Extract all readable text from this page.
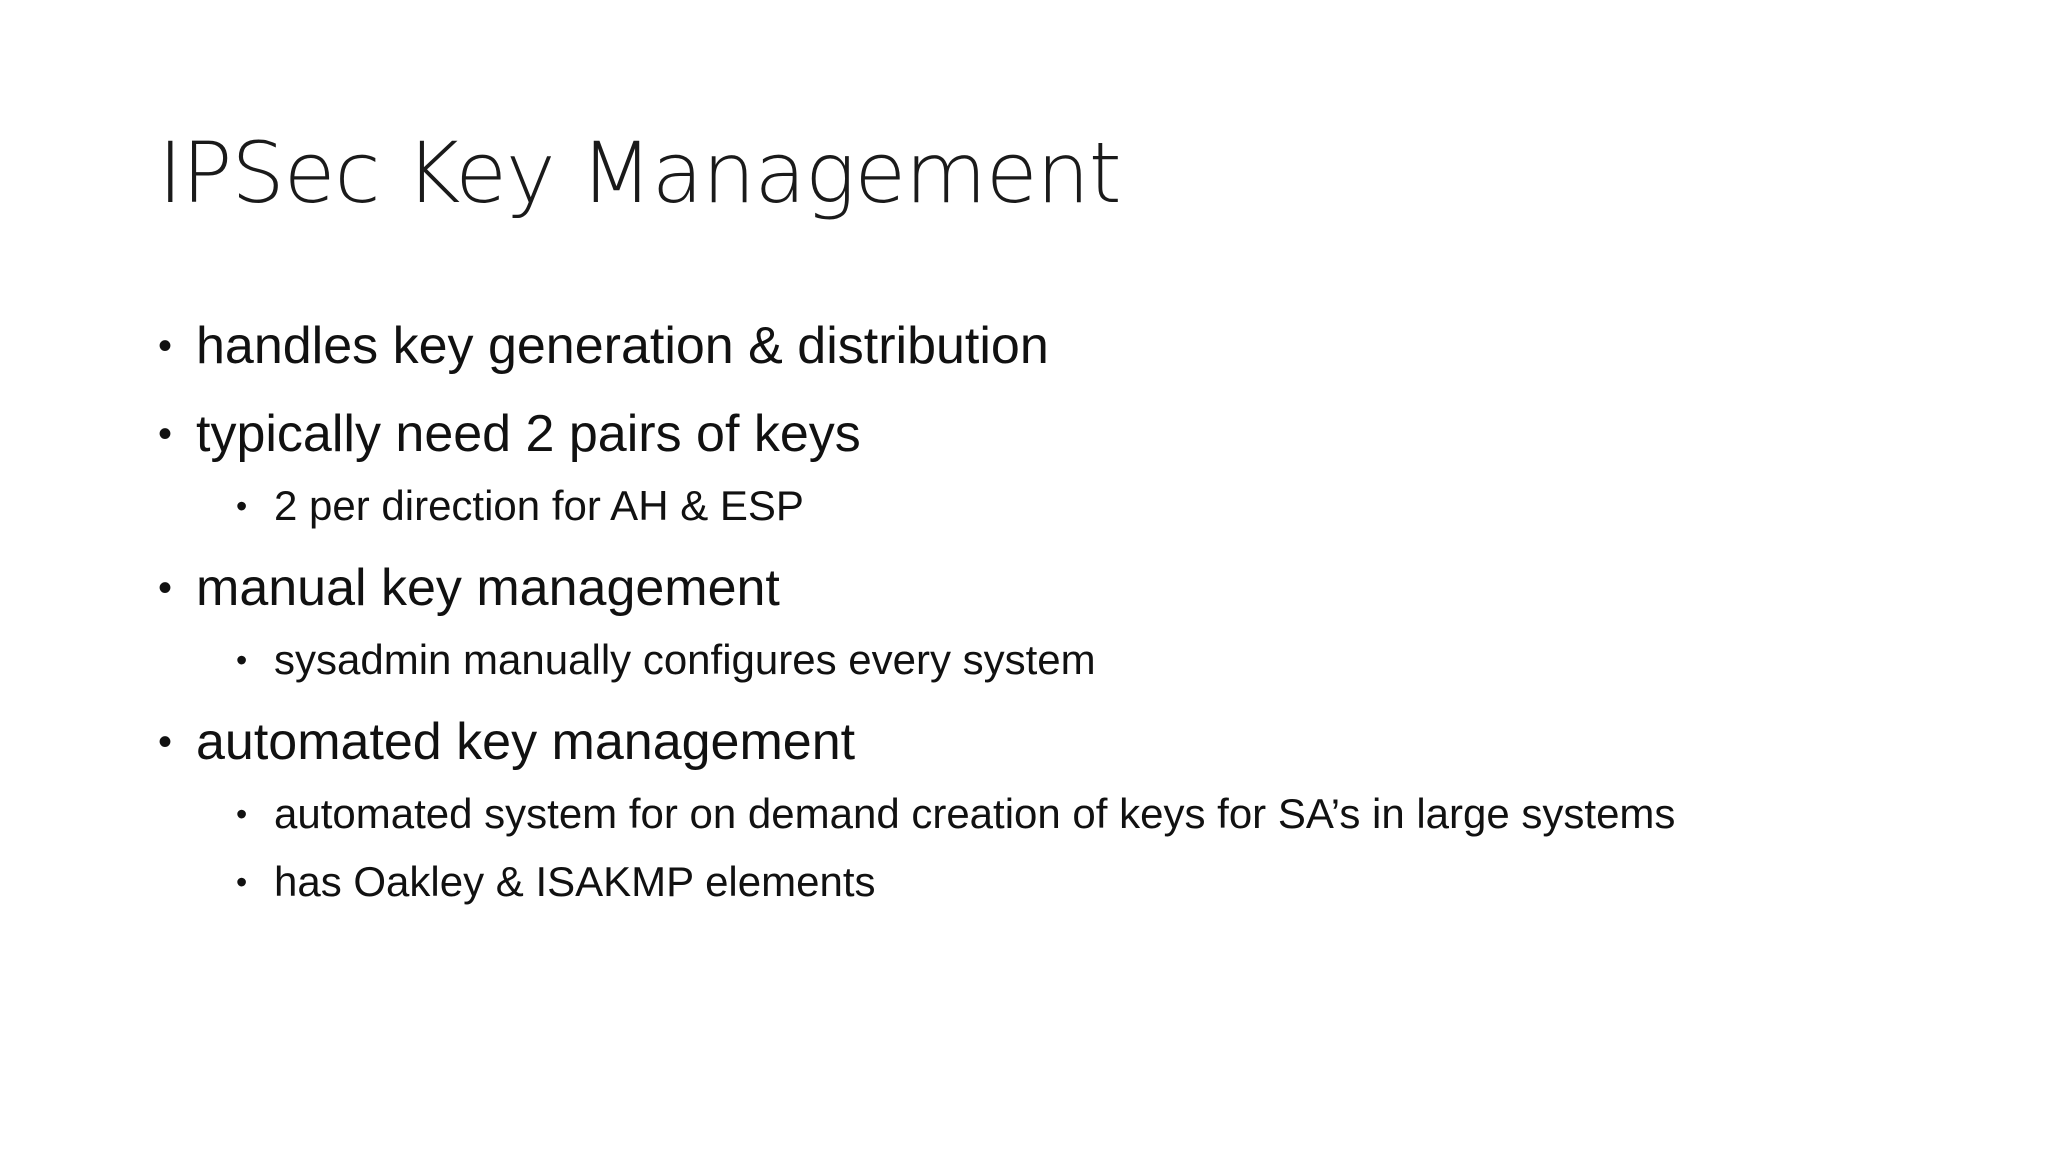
IPSec Key Management
• handles key generation & distribution
• typically need 2 pairs of keys
• 2 per direction for AH & ESP
• manual key management
• sysadmin manually configures every system
• automated key management
• automated system for on demand creation of keys for SA’s in large systems
• has Oakley & ISAKMP elements
